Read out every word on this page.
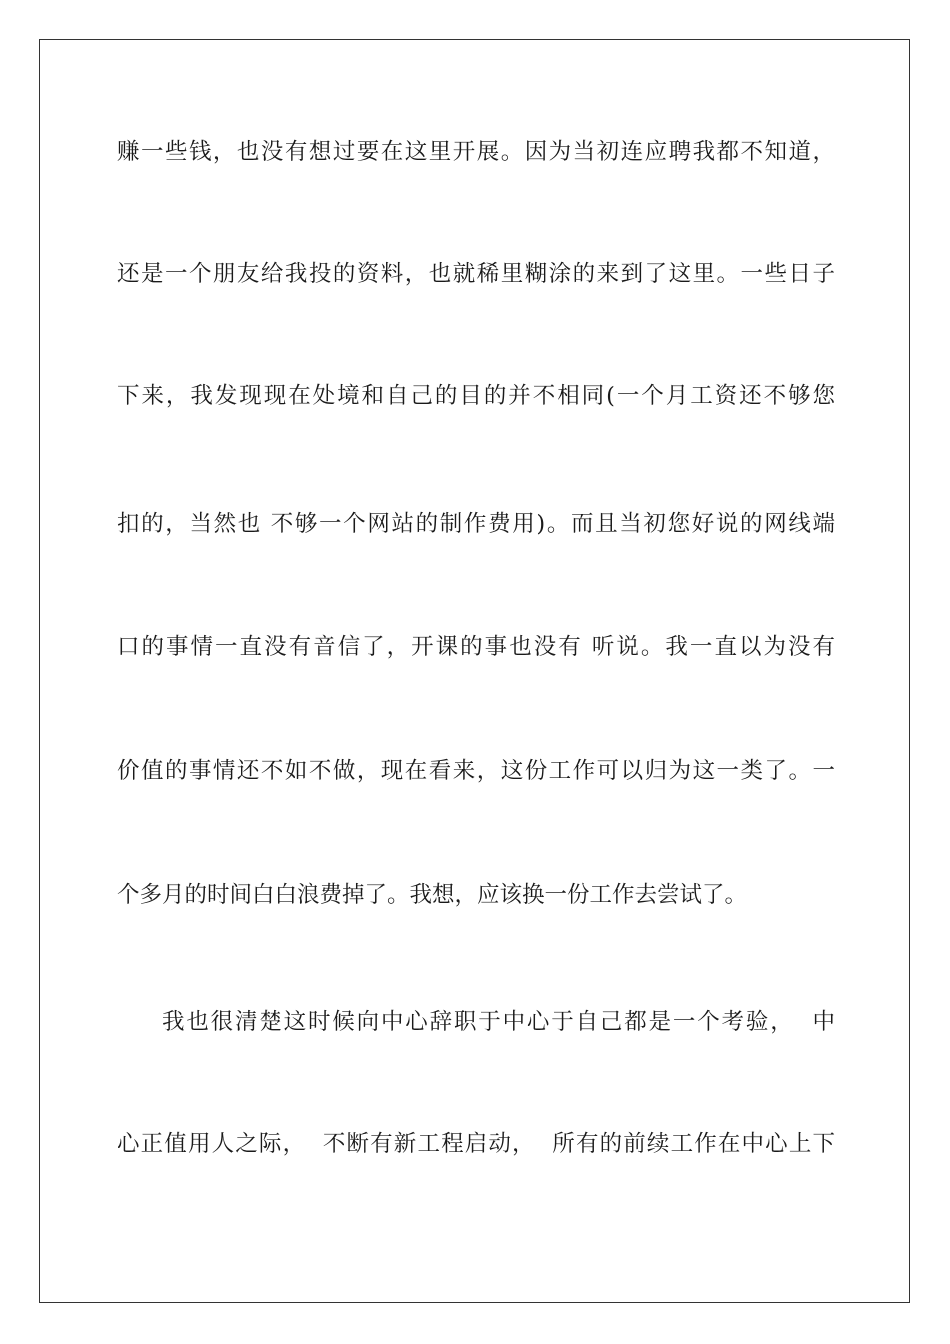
赚一些钱，也没有想过要在这里开展。因为当初连应聘我都不知道，
还是一个朋友给我投的资料，也就稀里糊涂的来到了这里。一些日子
下来，我发现现在处境和自己的目的并不相同(一个月工资还不够您
扣的，当然也 不够一个网站的制作费用)。而且当初您好说的网线端
口的事情一直没有音信了，开课的事也没有 听说。我一直以为没有
价值的事情还不如不做，现在看来，这份工作可以归为这一类了。一
个多月的时间白白浪费掉了。我想，应该换一份工作去尝试了。
我也很清楚这时候向中心辞职于中心于自己都是一个考验，  中
心正值用人之际，  不断有新工程启动，  所有的前续工作在中心上下
